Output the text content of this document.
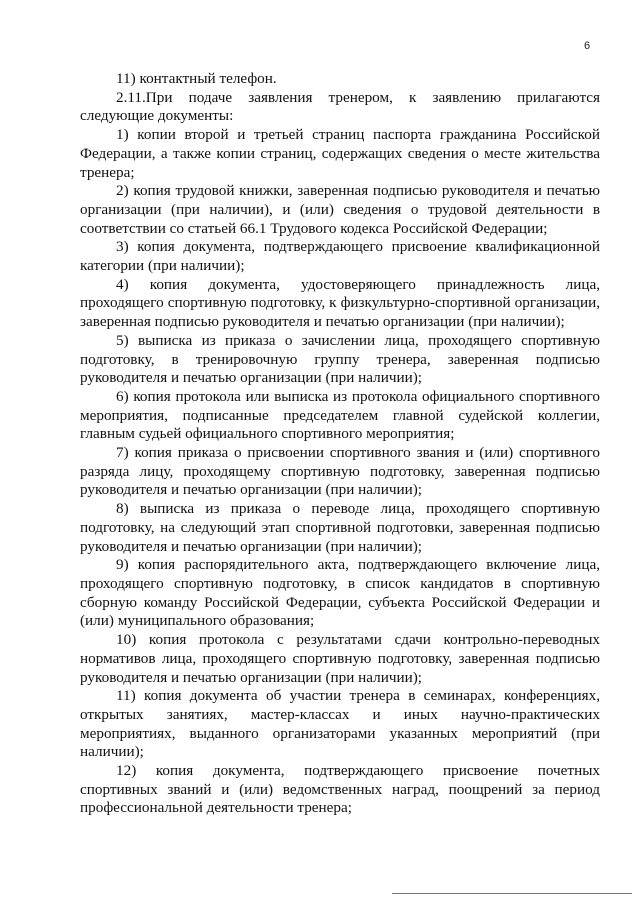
6

11) контактный телефон.

2.11.При подаче заявления тренером, к заявлению прилагаются следующие документы:

1) копии второй и третьей страниц паспорта гражданина Российской Федерации, а также копии страниц, содержащих сведения о месте жительства тренера;

2) копия трудовой книжки, заверенная подписью руководителя и печатью организации (при наличии), и (или) сведения о трудовой деятельности в соответствии со статьей 66.1 Трудового кодекса Российской Федерации;

3) копия документа, подтверждающего присвоение квалификационной категории (при наличии);

4) копия документа, удостоверяющего принадлежность лица, проходящего спортивную подготовку, к физкультурно-спортивной организации, заверенная подписью руководителя и печатью организации (при наличии);

5) выписка из приказа о зачислении лица, проходящего спортивную подготовку, в тренировочную группу тренера, заверенная подписью руководителя и печатью организации (при наличии);

6) копия протокола или выписка из протокола официального спортивного мероприятия, подписанные председателем главной судейской коллегии, главным судьей официального спортивного мероприятия;

7) копия приказа о присвоении спортивного звания и (или) спортивного разряда лицу, проходящему спортивную подготовку, заверенная подписью руководителя и печатью организации (при наличии);

8) выписка из приказа о переводе лица, проходящего спортивную подготовку, на следующий этап спортивной подготовки, заверенная подписью руководителя и печатью организации (при наличии);

9) копия распорядительного акта, подтверждающего включение лица, проходящего спортивную подготовку, в список кандидатов в спортивную сборную команду Российской Федерации, субъекта Российской Федерации и (или) муниципального образования;

10) копия протокола с результатами сдачи контрольно-переводных нормативов лица, проходящего спортивную подготовку, заверенная подписью руководителя и печатью организации (при наличии);

11) копия документа об участии тренера в семинарах, конференциях, открытых занятиях, мастер-классах и иных научно-практических мероприятиях, выданного организаторами указанных мероприятий (при наличии);

12) копия документа, подтверждающего присвоение почетных спортивных званий и (или) ведомственных наград, поощрений за период профессиональной деятельности тренера;
